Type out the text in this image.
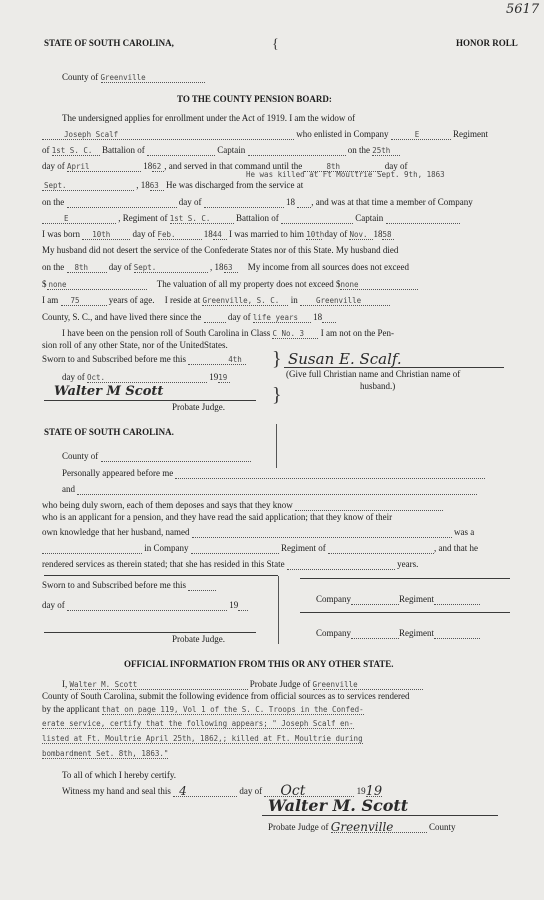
5617
STATE OF SOUTH CAROLINA,	HONOR ROLL
{
County of Greenville
TO THE COUNTY PENSION BOARD:
The undersigned applies for enrollment under the Act of 1919. I am the widow of
Joseph Scalf	who enlisted in Company	E	Regiment
of 1st S. C. Battalion of	Captain	on the 25th
day of April	1862 , and served in that command until the	8th	day of
He was killed at Ft Moultrie Sept. 9th, 1863
Sept.	, 1863 He was discharged from the service at
on the	day of	18 , and was at that time a member of Company
E	, Regiment of 1st S. C.	Battalion of	Captain
I was born 10th day of Feb.	1844 I was married to him 10th day of Nov. 1858
My husband did not desert the service of the Confederate States nor of this State. My husband died
on the 8th day of Sept.	, 1863 My income from all sources does not exceed
$ none	The valuation of all my property does not exceed $none
I am 75	years of age. I reside at Greenville, S. C. in Greenville
County, S. C., and have lived there since the	day of life years 18
I have been on the pension roll of South Carolina in Class C No. 3 I am not on the Pen-
sion roll of any other State, nor of the UnitedStates.
Sworn to and Subscribed before me this	4th } Susan E. Scalf.
day of Oct.	1919	(Give full Christian name and Christian name of
husband.)
Walter M Scott
Probate Judge.
}
STATE OF SOUTH CAROLINA.
County of
Personally appeared before me
and
who being duly sworn, each of them deposes and says that they know
who is an applicant for a pension, and they have read the said application; that they know of their
own knowledge that her husband, named	was a
in Company	Regiment of	, and that he
rendered services as therein stated; that she has resided in this State	years.
Sworn to and Subscribed before me this
day of	19
Company	Regiment
Company	Regiment
Probate Judge.
OFFICIAL INFORMATION FROM THIS OR ANY OTHER STATE.
I, Walter M. Scott	Probate Judge of Greenville
County of South Carolina, submit the following evidence from official sources as to services rendered
by the applicant that on page 119, Vol 1 of the S. C. Troops in the Confed-
erate service, certify that the following appears; " Joseph Scalf en-
listed at Ft. Moultrie April 25th, 1862,; killed at Ft. Moultrie during
bombardment Set. 8th, 1863."
To all of which I hereby certify.
Witness my hand and seal this 4	day of Oct	1919
Walter M. Scott
Probate Judge of Greenville	County
